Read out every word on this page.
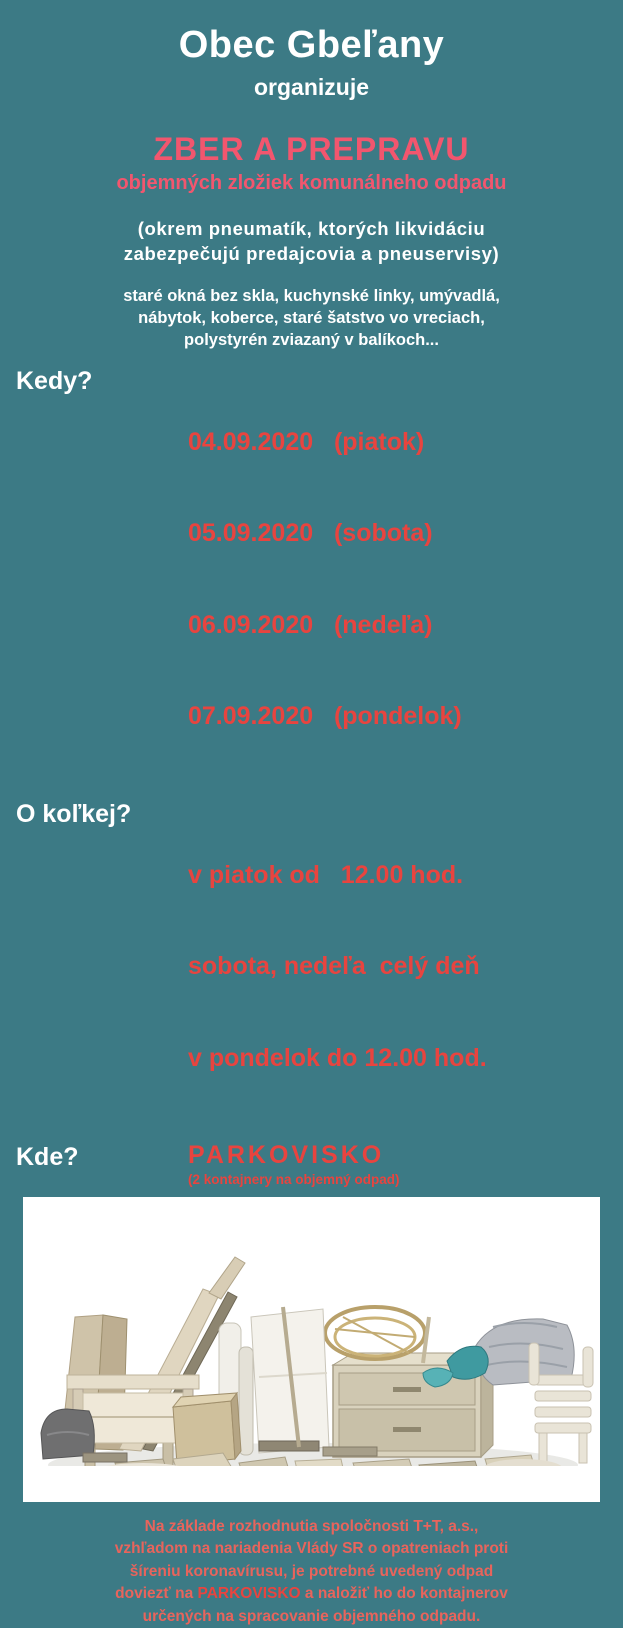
Obec Gbeľany
organizuje
ZBER A PREPRAVU
objemných zložiek komunálneho odpadu
(okrem pneumatík, ktorých likvidáciu
zabezpečujú predajcovia a pneuservisy)
staré okná bez skla, kuchynské linky, umývadlá,
nábytok, koberce, staré šatstvo vo vreciach,
polystyrén zviazaný v balíkoch...
Kedy?

04.09.2020   (piatok)

05.09.2020   (sobota)

06.09.2020   (nedeľa)

07.09.2020   (pondelok)

O koľkej?

v piatok od   12.00 hod.

sobota, nedeľa  celý deň

v pondelok do 12.00 hod.

Kde?	PARKOVISKO
(2 kontajnery na objemný odpad)
Na základe rozhodnutia spoločnosti T+T, a.s.,
vzhľadom na nariadenia Vlády SR o opatreniach proti
šíreniu koronavírusu, je potrebné uvedený odpad
doviezť na PARKOVISKO a naložiť ho do kontajnerov
určených na spracovanie objemného odpadu.
